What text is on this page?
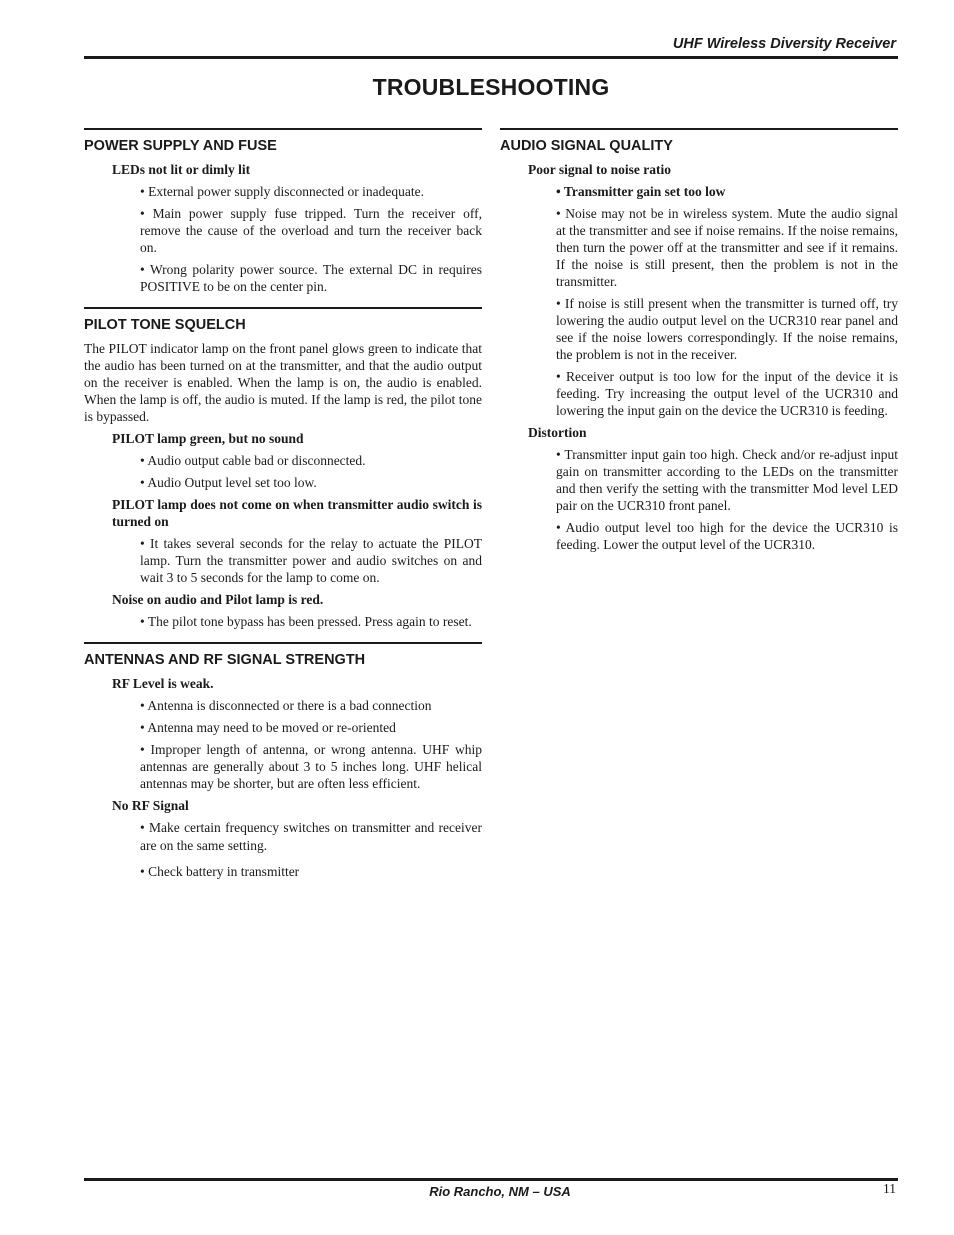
UHF Wireless Diversity Receiver
TROUBLESHOOTING
POWER SUPPLY AND FUSE
LEDs not lit or dimly lit
• External power supply disconnected or inadequate.
• Main power supply fuse tripped. Turn the receiver off, remove the cause of the overload and turn the receiver back on.
• Wrong polarity power source. The external DC in requires POSITIVE to be on the center pin.
PILOT TONE SQUELCH
The PILOT indicator lamp on the front panel glows green to indicate that the audio has been turned on at the transmitter, and that the audio output on the receiver is enabled. When the lamp is on, the audio is enabled. When the lamp is off, the audio is muted. If the lamp is red, the pilot tone is bypassed.
PILOT lamp green, but no sound
• Audio output cable bad or disconnected.
• Audio Output level set too low.
PILOT lamp does not come on when transmitter audio switch is turned on
• It takes several seconds for the relay to actuate the PILOT lamp. Turn the transmitter power and audio switches on and wait 3 to 5 seconds for the lamp to come on.
Noise on audio and Pilot lamp is red.
• The pilot tone bypass has been pressed. Press again to reset.
ANTENNAS AND RF SIGNAL STRENGTH
RF Level is weak.
• Antenna is disconnected or there is a bad connection
• Antenna may need to be moved or re-oriented
• Improper length of antenna, or wrong antenna. UHF whip antennas are generally about 3 to 5 inches long. UHF helical antennas may be shorter, but are often less efficient.
No RF Signal
• Make certain frequency switches on transmitter and receiver are on the same setting.
• Check battery in transmitter
AUDIO SIGNAL QUALITY
Poor signal to noise ratio
• Transmitter gain set too low
• Noise may not be in wireless system. Mute the audio signal at the transmitter and see if noise remains. If the noise remains, then turn the power off at the transmitter and see if it remains. If the noise is still present, then the problem is not in the transmitter.
• If noise is still present when the transmitter is turned off, try lowering the audio output level on the UCR310 rear panel and see if the noise lowers correspondingly. If the noise remains, the problem is not in the receiver.
• Receiver output is too low for the input of the device it is feeding. Try increasing the output level of the UCR310 and lowering the input gain on the device the UCR310 is feeding.
Distortion
• Transmitter input gain too high. Check and/or re-adjust input gain on transmitter according to the LEDs on the transmitter and then verify the setting with the transmitter Mod level LED pair on the UCR310 front panel.
• Audio output level too high for the device the UCR310 is feeding. Lower the output level of the UCR310.
Rio Rancho, NM – USA	11
